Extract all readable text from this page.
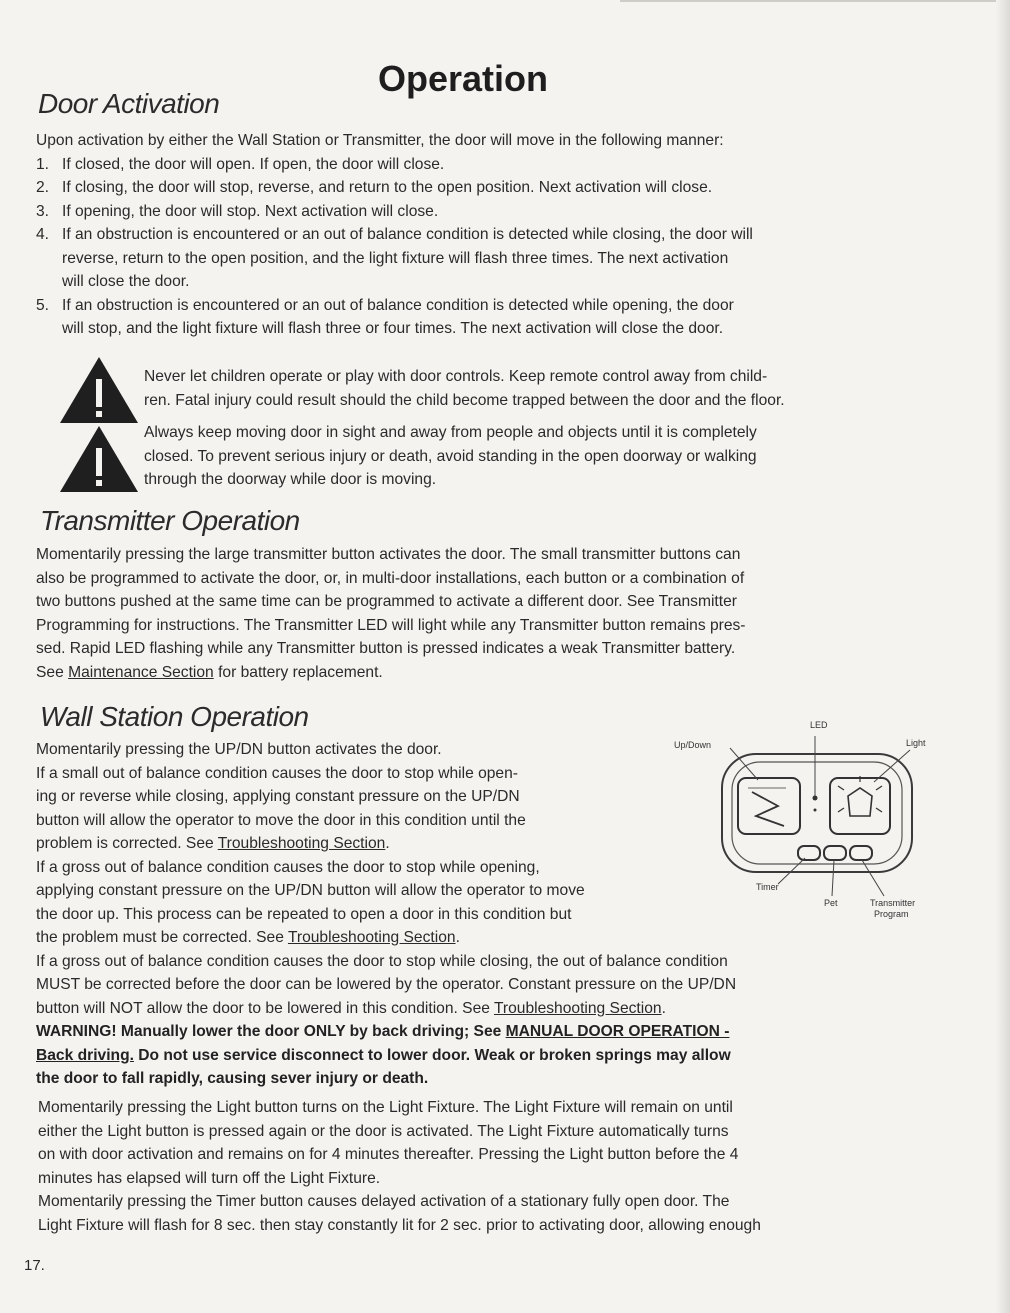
Operation
Door Activation
Upon activation by either the Wall Station or Transmitter, the door will move in the following manner:
1. If closed, the door will open. If open, the door will close.
2. If closing, the door will stop, reverse, and return to the open position. Next activation will close.
3. If opening, the door will stop. Next activation will close.
4. If an obstruction is encountered or an out of balance condition is detected while closing, the door will
reverse, return to the open position, and the light fixture will flash three times. The next activation
will close the door.
5. If an obstruction is encountered or an out of balance condition is detected while opening, the door
will stop, and the light fixture will flash three or four times. The next activation will close the door.
Never let children operate or play with door controls. Keep remote control away from child-
ren. Fatal injury could result should the child become trapped between the door and the floor.
Always keep moving door in sight and away from people and objects until it is completely
closed. To prevent serious injury or death, avoid standing in the open doorway or walking
through the doorway while door is moving.
Transmitter Operation
Momentarily pressing the large transmitter button activates the door. The small transmitter buttons can
also be programmed to activate the door, or, in multi-door installations, each button or a combination of
two buttons pushed at the same time can be programmed to activate a different door. See Transmitter
Programming for instructions. The Transmitter LED will light while any Transmitter button remains pres-
sed. Rapid LED flashing while any Transmitter button is pressed indicates a weak Transmitter battery.
See Maintenance Section for battery replacement.
Wall Station Operation
Momentarily pressing the UP/DN button activates the door.
If a small out of balance condition causes the door to stop while open-
ing or reverse while closing, applying constant pressure on the UP/DN
button will allow the operator to move the door in this condition until the
problem is corrected. See Troubleshooting Section.
If a gross out of balance condition causes the door to stop while opening,
applying constant pressure on the UP/DN button will allow the operator to move
the door up. This process can be repeated to open a door in this condition but
the problem must be corrected. See Troubleshooting Section.
If a gross out of balance condition causes the door to stop while closing, the out of balance condition
MUST be corrected before the door can be lowered by the operator. Constant pressure on the UP/DN
button will NOT allow the door to be lowered in this condition. See Troubleshooting Section.
LED
Up/Down	Light
Timer
Pet	Transmitter
Program
WARNING! Manually lower the door ONLY by back driving; See MANUAL DOOR OPERATION -
Back driving. Do not use service disconnect to lower door. Weak or broken springs may allow
the door to fall rapidly, causing sever injury or death.
Momentarily pressing the Light button turns on the Light Fixture. The Light Fixture will remain on until
either the Light button is pressed again or the door is activated. The Light Fixture automatically turns
on with door activation and remains on for 4 minutes thereafter. Pressing the Light button before the 4
minutes has elapsed will turn off the Light Fixture.
Momentarily pressing the Timer button causes delayed activation of a stationary fully open door. The
Light Fixture will flash for 8 sec. then stay constantly lit for 2 sec. prior to activating door, allowing enough
17.
